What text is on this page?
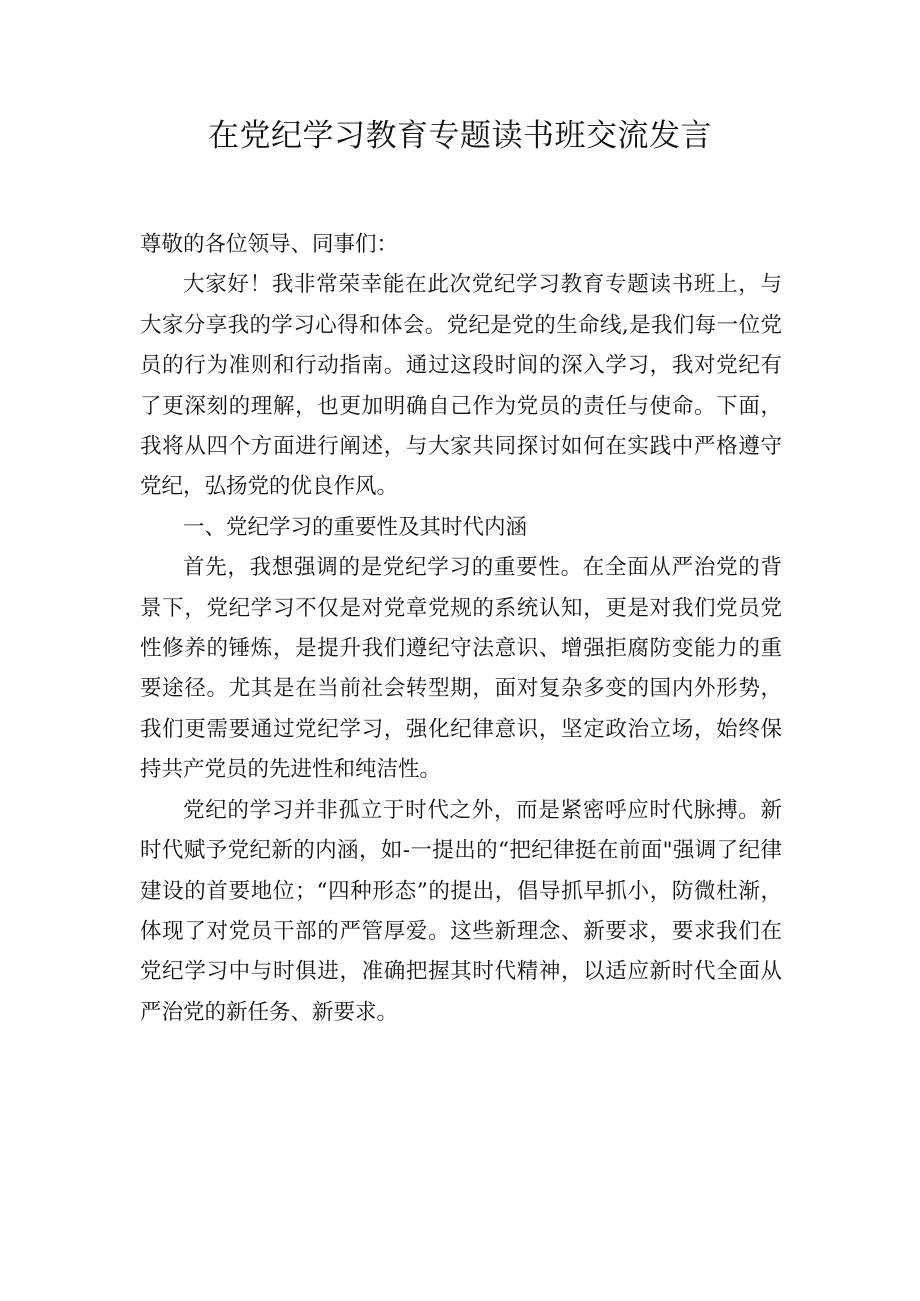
在党纪学习教育专题读书班交流发言
尊敬的各位领导、同事们：

大家好！我非常荣幸能在此次党纪学习教育专题读书班上，与大家分享我的学习心得和体会。党纪是党的生命线,是我们每一位党员的行为准则和行动指南。通过这段时间的深入学习，我对党纪有了更深刻的理解，也更加明确自己作为党员的责任与使命。下面，我将从四个方面进行阐述，与大家共同探讨如何在实践中严格遵守党纪，弘扬党的优良作风。

一、党纪学习的重要性及其时代内涵

首先，我想强调的是党纪学习的重要性。在全面从严治党的背景下，党纪学习不仅是对党章党规的系统认知，更是对我们党员党性修养的锤炼，是提升我们遵纪守法意识、增强拒腐防变能力的重要途径。尤其是在当前社会转型期，面对复杂多变的国内外形势，我们更需要通过党纪学习，强化纪律意识，坚定政治立场，始终保持共产党员的先进性和纯洁性。

党纪的学习并非孤立于时代之外，而是紧密呼应时代脉搏。新时代赋予党纪新的内涵，如-一提出的“把纪律挺在前面"强调了纪律建设的首要地位；“四种形态”的提出，倡导抓早抓小，防微杜渐，体现了对党员干部的严管厚爱。这些新理念、新要求，要求我们在党纪学习中与时俱进，准确把握其时代精神，以适应新时代全面从严治党的新任务、新要求。
